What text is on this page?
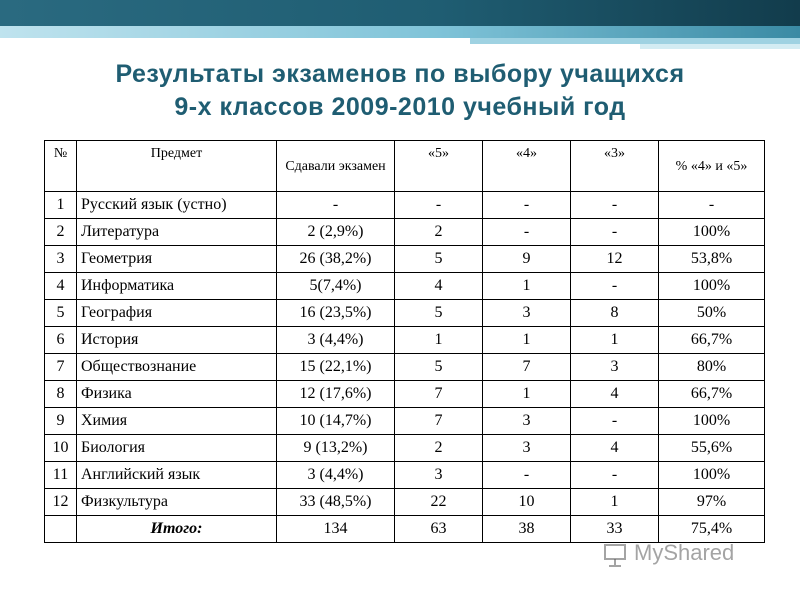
Результаты экзаменов по выбору учащихся
9-х классов 2009-2010 учебный год
№	Предмет	Сдавали экзамен	«5»	«4»	«3»	% «4» и «5»
1	Русский язык (устно)	-	-	-	-	-
2	Литература	2 (2,9%)	2	-	-	100%
3	Геометрия	26 (38,2%)	5	9	12	53,8%
4	Информатика	5(7,4%)	4	1	-	100%
5	География	16 (23,5%)	5	3	8	50%
6	История	3 (4,4%)	1	1	1	66,7%
7	Обществознание	15 (22,1%)	5	7	3	80%
8	Физика	12 (17,6%)	7	1	4	66,7%
9	Химия	10 (14,7%)	7	3	-	100%
10	Биология	9 (13,2%)	2	3	4	55,6%
11	Английский язык	3 (4,4%)	3	-	-	100%
12	Физкультура	33 (48,5%)	22	10	1	97%
	Итого:	134	63	38	33	75,4%
MyShared
